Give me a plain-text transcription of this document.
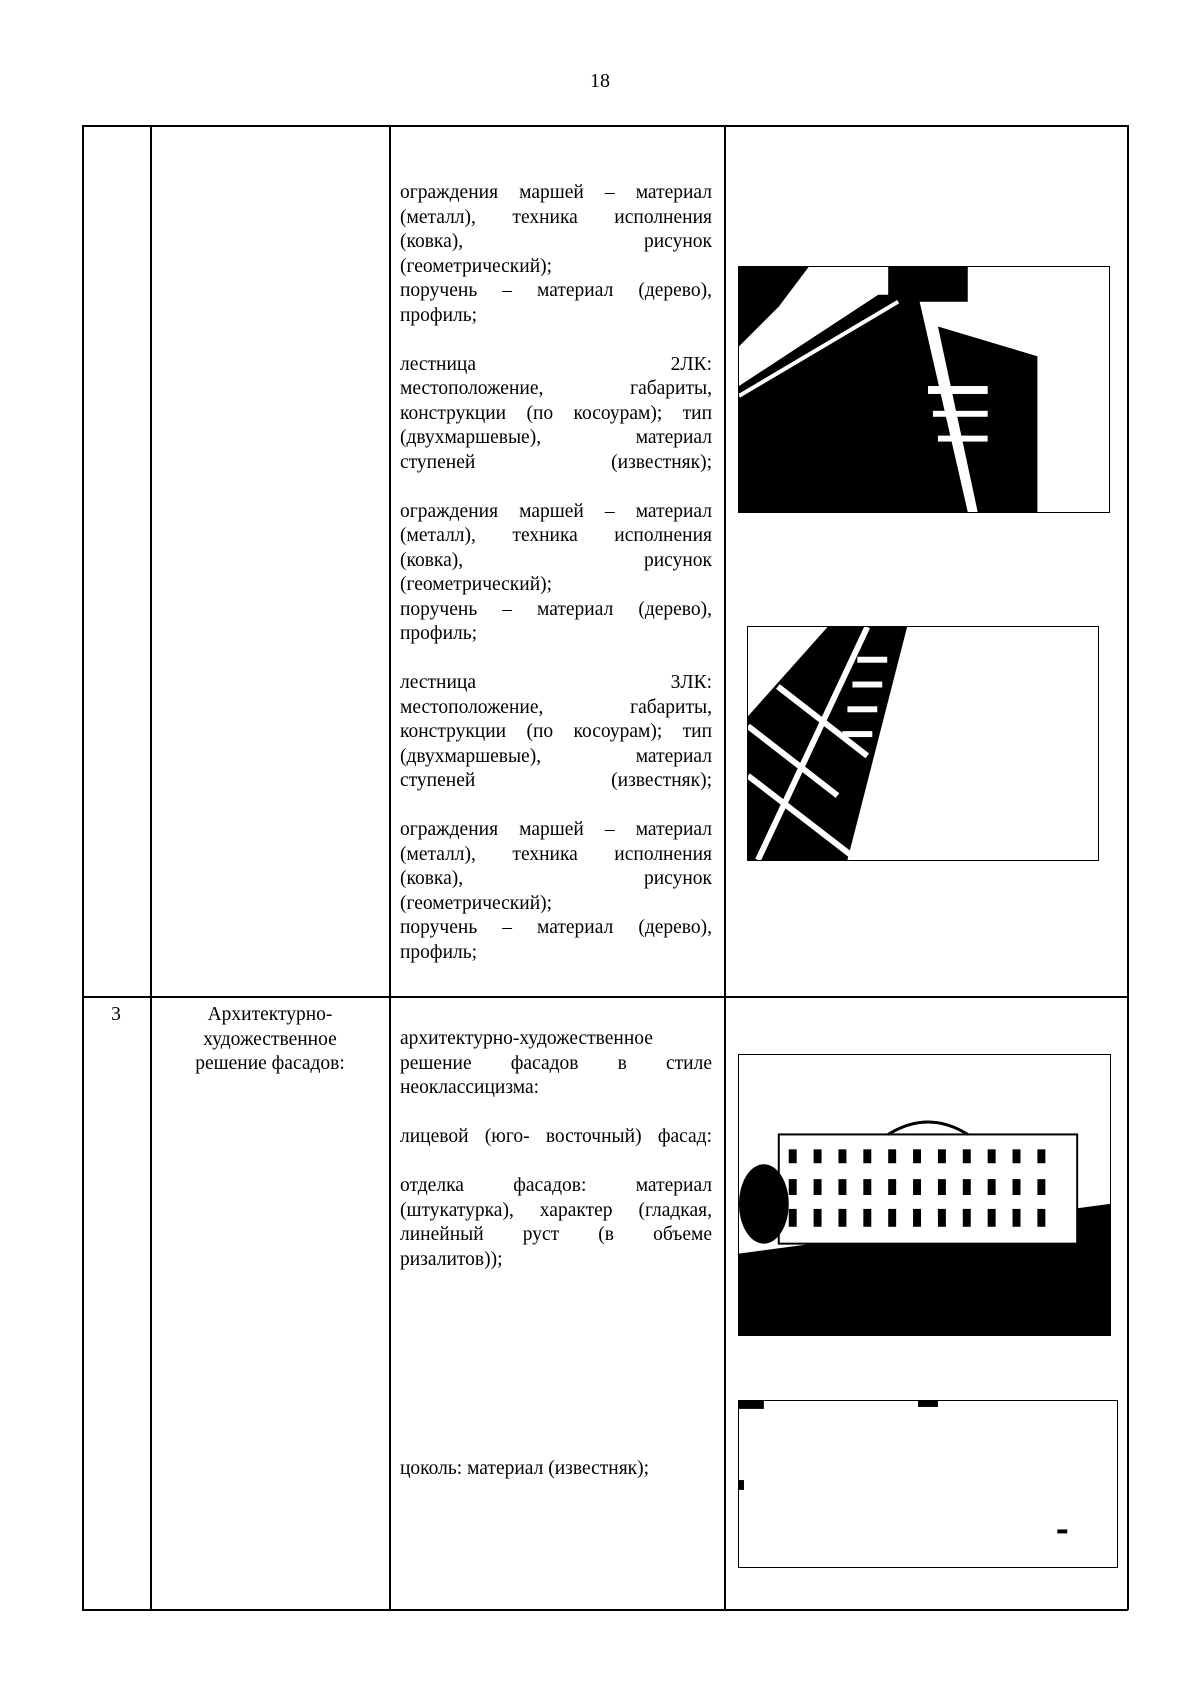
18
ограждения маршей – материал
(металл), техника исполнения
(ковка), рисунок
(геометрический);
поручень – материал (дерево),
профиль;
лестница 2ЛК:
местоположение, габариты,
конструкции (по косоурам); тип
(двухмаршевые), материал
ступеней (известняк);
ограждения маршей – материал
(металл), техника исполнения
(ковка), рисунок
(геометрический);
поручень – материал (дерево),
профиль;
лестница 3ЛК:
местоположение, габариты,
конструкции (по косоурам); тип
(двухмаршевые), материал
ступеней (известняк);
ограждения маршей – материал
(металл), техника исполнения
(ковка), рисунок
(геометрический);
поручень – материал (дерево),
профиль;
3	Архитектурно-
художественное
решение фасадов:
архитектурно-художественное
решение фасадов в стиле
неоклассицизма:
лицевой (юго- восточный) фасад:
отделка фасадов: материал
(штукатурка), характер (гладкая,
линейный руст (в объеме
ризалитов));
цоколь: материал (известняк);
